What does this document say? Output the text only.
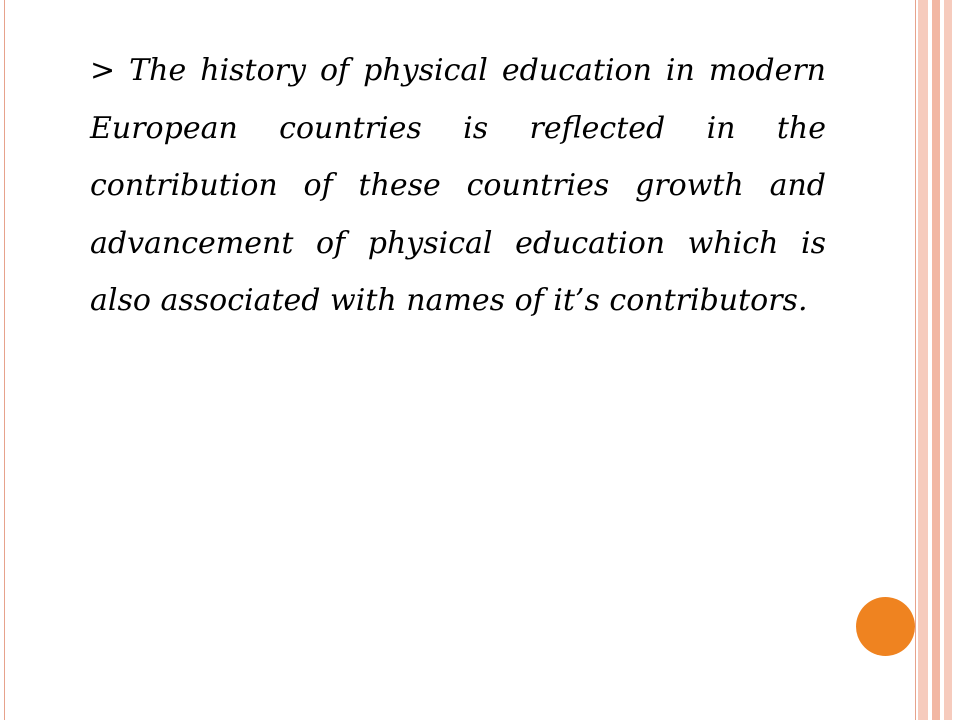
> The history of physical education in modern European countries is reflected in the contribution of these countries growth and advancement of physical education which is also associated with names of it’s contributors.
